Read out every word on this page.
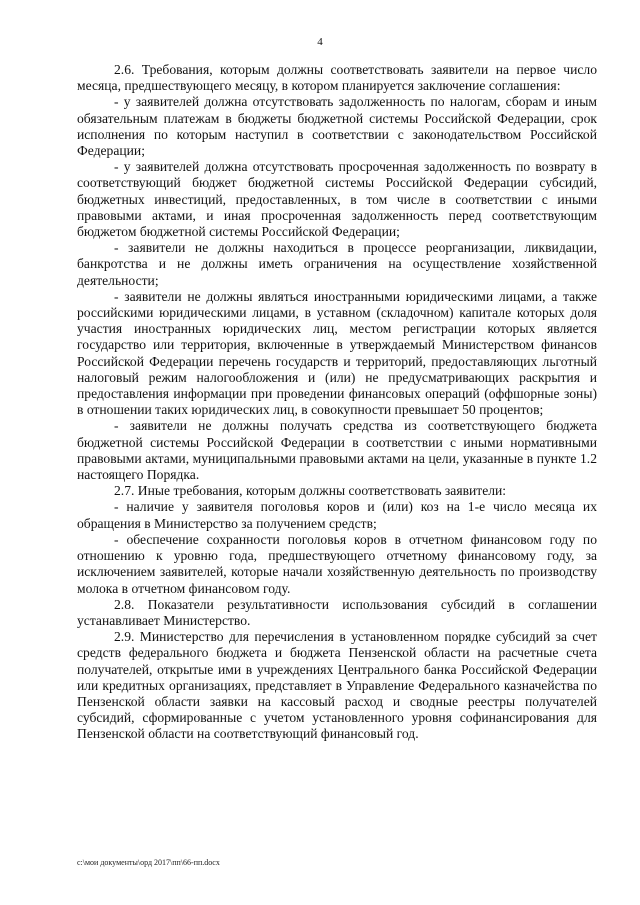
4

2.6. Требования, которым должны соответствовать заявители на первое число месяца, предшествующего месяцу, в котором планируется заключение соглашения:

- у заявителей должна отсутствовать задолженность по налогам, сборам и иным обязательным платежам в бюджеты бюджетной системы Российской Федерации, срок исполнения по которым наступил в соответствии с законодательством Российской Федерации;

- у заявителей должна отсутствовать просроченная задолженность по возврату в соответствующий бюджет бюджетной системы Российской Федерации субсидий, бюджетных инвестиций, предоставленных, в том числе в соответствии с иными правовыми актами, и иная просроченная задолженность перед соответствующим бюджетом бюджетной системы Российской Федерации;

- заявители не должны находиться в процессе реорганизации, ликвидации, банкротства и не должны иметь ограничения на осуществление хозяйственной деятельности;

- заявители не должны являться иностранными юридическими лицами, а также российскими юридическими лицами, в уставном (складочном) капитале которых доля участия иностранных юридических лиц, местом регистрации которых является государство или территория, включенные в утверждаемый Министерством финансов Российской Федерации перечень государств и территорий, предоставляющих льготный налоговый режим налогообложения и (или) не предусматривающих раскрытия и предоставления информации при проведении финансовых операций (оффшорные зоны) в отношении таких юридических лиц, в совокупности превышает 50 процентов;

- заявители не должны получать средства из соответствующего бюджета бюджетной системы Российской Федерации в соответствии с иными нормативными правовыми актами, муниципальными правовыми актами на цели, указанные в пункте 1.2 настоящего Порядка.

2.7. Иные требования, которым должны соответствовать заявители:

- наличие у заявителя поголовья коров и (или) коз на 1-е число месяца их обращения в Министерство за получением средств;

- обеспечение сохранности поголовья коров в отчетном финансовом году по отношению к уровню года, предшествующего отчетному финансовому году, за исключением заявителей, которые начали хозяйственную деятельность по производству молока в отчетном финансовом году.

2.8. Показатели результативности использования субсидий в соглашении устанавливает Министерство.

2.9. Министерство для перечисления в установленном порядке субсидий за счет средств федерального бюджета и бюджета Пензенской области на расчетные счета получателей, открытые ими в учреждениях Центрального банка Российской Федерации или кредитных организациях, представляет в Управление Федерального казначейства по Пензенской области заявки на кассовый расход и сводные реестры получателей субсидий, сформированные с учетом установленного уровня софинансирования для Пензенской области на соответствующий финансовый год.

c:\мои документы\орд 2017\пп\66-пп.docx
